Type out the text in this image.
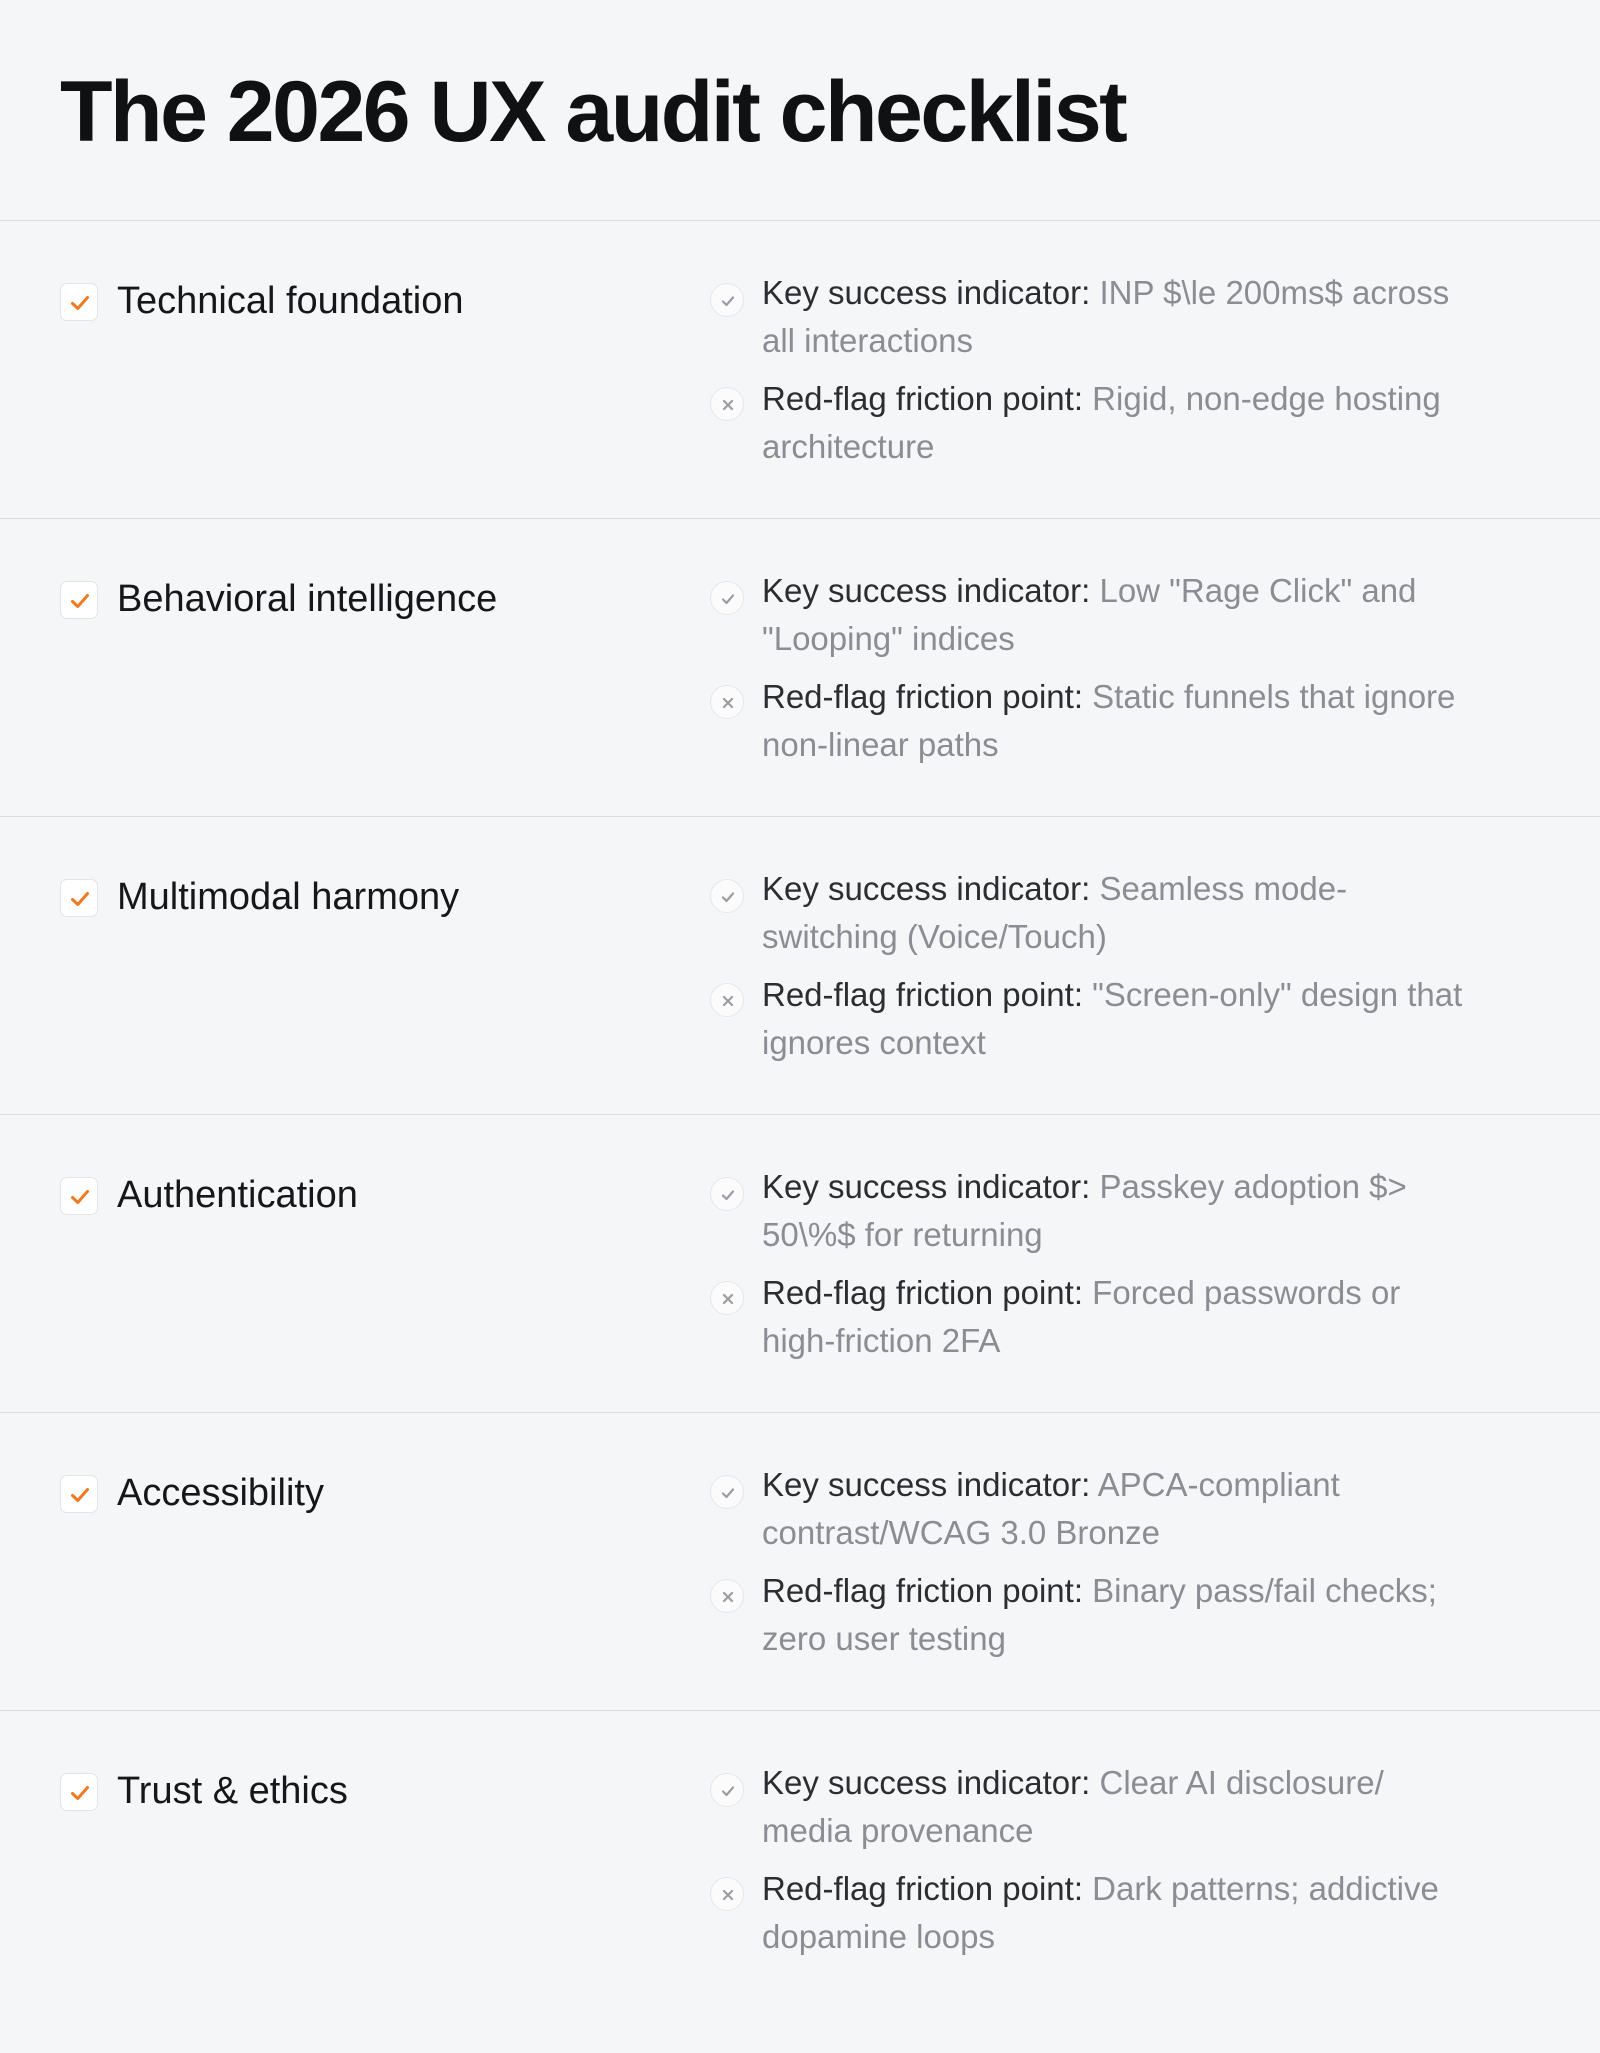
The 2026 UX audit checklist
Technical foundation	Key success indicator: INP $\le 200ms$ across all interactions
Red-flag friction point: Rigid, non-edge hosting architecture
Behavioral intelligence	Key success indicator: Low "Rage Click" and "Looping" indices
Red-flag friction point: Static funnels that ignore non-linear paths
Multimodal harmony	Key success indicator: Seamless mode-switching (Voice/Touch)
Red-flag friction point: "Screen-only" design that ignores context
Authentication	Key success indicator: Passkey adoption $> 50\%$ for returning
Red-flag friction point: Forced passwords or high-friction 2FA
Accessibility	Key success indicator: APCA-compliant contrast/WCAG 3.0 Bronze
Red-flag friction point: Binary pass/fail checks; zero user testing
Trust & ethics	Key success indicator: Clear AI disclosure/ media provenance
Red-flag friction point: Dark patterns; addictive dopamine loops
